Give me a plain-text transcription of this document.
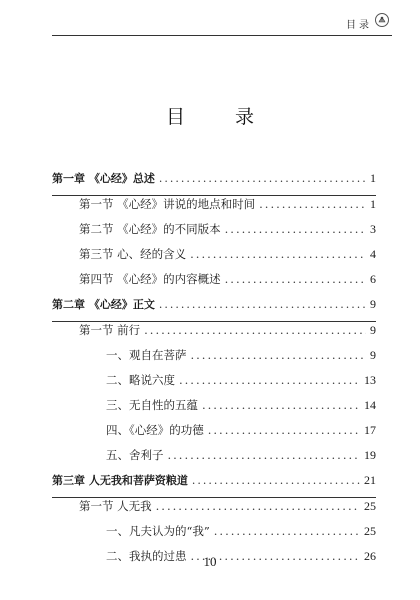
目录
目 录
第一章 《心经》总述 .....	1
第一节 《心经》讲说的地点和时间 .....	1
第二节 《心经》的不同版本 .....	3
第三节 心、经的含义 .....	4
第四节 《心经》的内容概述 .....	6
第二章 《心经》正文 .....	9
第一节 前行 .....	9
一、观自在菩萨 .....	9
二、略说六度 .....	13
三、无自性的五蕴 .....	14
四、《心经》的功德 .....	17
五、舍利子 .....	19
第三章 人无我和菩萨资粮道 .....	21
第一节 人无我 .....	25
一、凡夫认为的“我” .....	25
二、我执的过患 .....	26
10
